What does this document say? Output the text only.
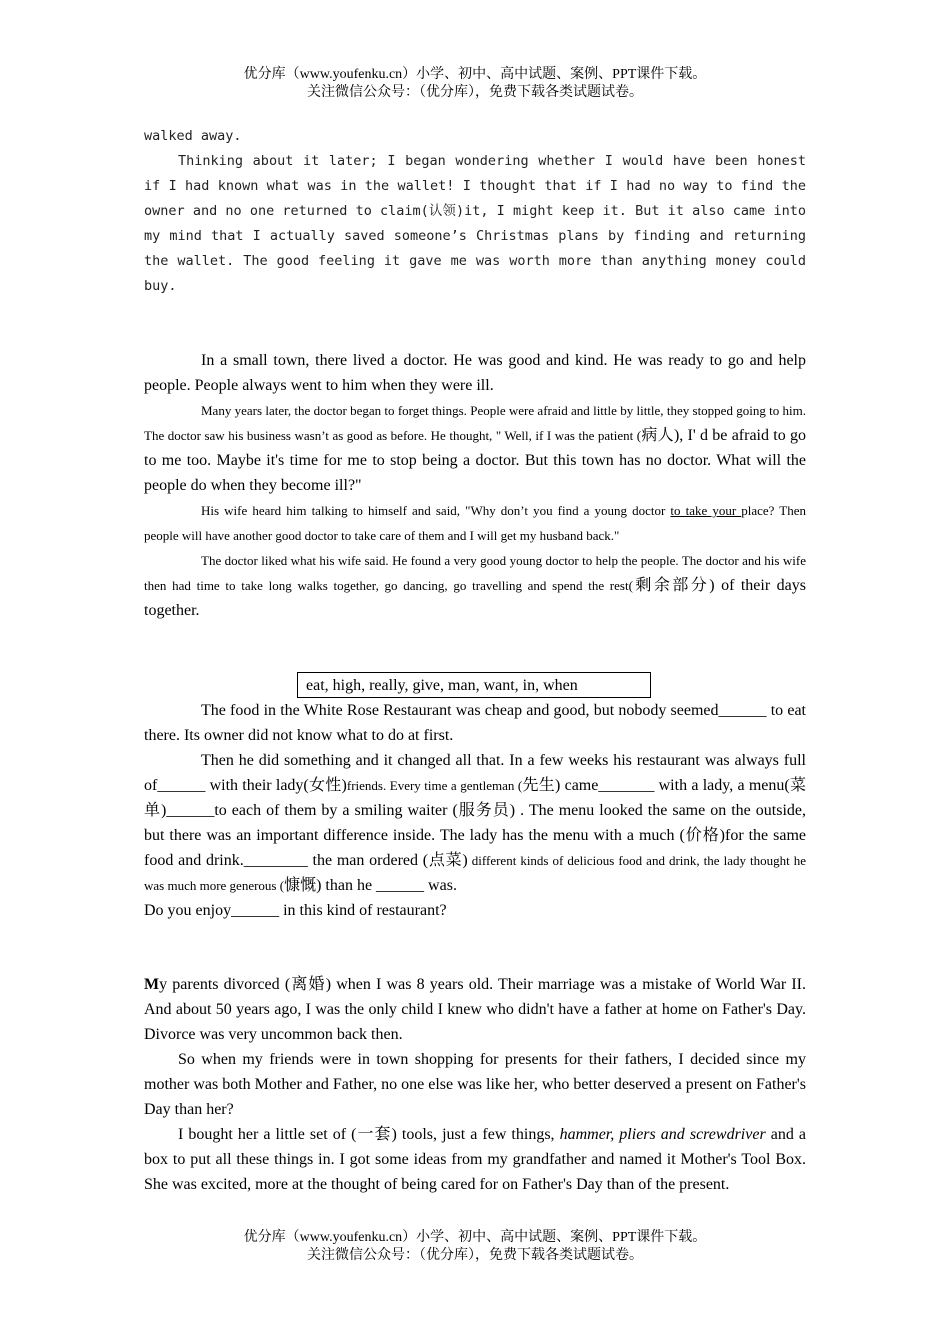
优分库（www.youfenku.cn）小学、初中、高中试题、案例、PPT课件下载。
关注微信公众号：（优分库），免费下载各类试题试卷。

walked away.

Thinking about it later; I began wondering whether I would have been honest if I had known what was in the wallet! I thought that if I had no way to find the owner and no one returned to claim(认领)it, I might keep it. But it also came into my mind that I actually saved someone’s Christmas plans by finding and returning the wallet. The good feeling it gave me was worth more than anything money could buy.

In a small town, there lived a doctor. He was good and kind. He was ready to go and help people. People always went to him when they were ill.

Many years later, the doctor began to forget things. People were afraid and little by little, they stopped going to him. The doctor saw his business wasn’t as good as before. He thought, " Well, if I was the patient (病人), I' d be afraid to go to me too. Maybe it's time for me to stop being a doctor. But this town has no doctor. What will the people do when they become ill?"

His wife heard him talking to himself and said, "Why don’t you find a young doctor to take your place? Then people will have another good doctor to take care of them and I will get my husband back."

The doctor liked what his wife said. He found a very good young doctor to help the people. The doctor and his wife then had time to take long walks together, go dancing, go travelling and spend the rest(剩余部分) of their days together.

eat, high, really, give, man, want, in, when

The food in the White Rose Restaurant was cheap and good, but nobody seemed______ to eat there. Its owner did not know what to do at first.

Then he did something and it changed all that. In a few weeks his restaurant was always full of______ with their lady(女性)friends. Every time a gentleman (先生) came_______ with a lady, a menu(菜单)______to each of them by a smiling waiter (服务员) . The menu looked the same on the outside, but there was an important difference inside. The lady has the menu with a much (价格)for the same food and drink.________ the man ordered (点菜) different kinds of delicious food and drink, the lady thought he was much more generous (慷慨) than he ______ was.

Do you enjoy______ in this kind of restaurant?

My parents divorced (离婚) when I was 8 years old. Their marriage was a mistake of World War II. And about 50 years ago, I was the only child I knew who didn't have a father at home on Father's Day. Divorce was very uncommon back then.

So when my friends were in town shopping for presents for their fathers, I decided since my mother was both Mother and Father, no one else was like her, who better deserved a present on Father's Day than her?

I bought her a little set of (一套) tools, just a few things, hammer, pliers and screwdriver and a box to put all these things in. I got some ideas from my grandfather and named it Mother's Tool Box. She was excited, more at the thought of being cared for on Father's Day than of the present.

优分库（www.youfenku.cn）小学、初中、高中试题、案例、PPT课件下载。
关注微信公众号：（优分库），免费下载各类试题试卷。
